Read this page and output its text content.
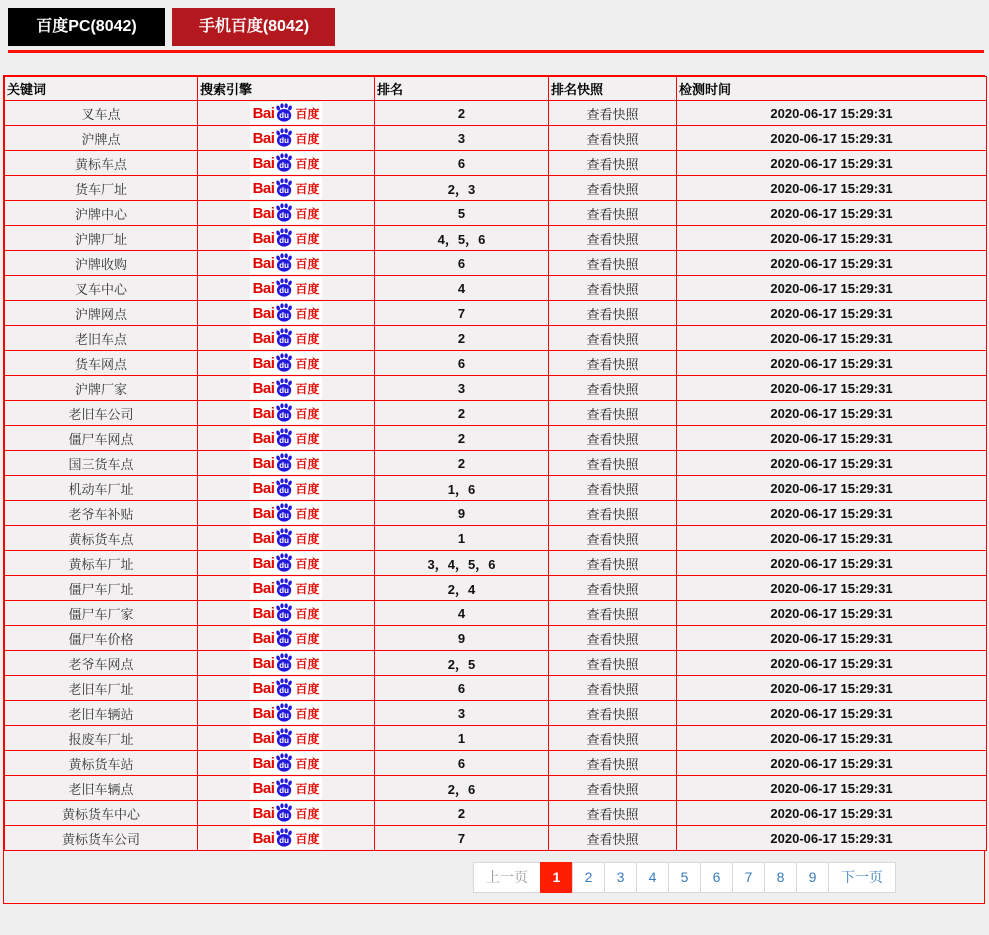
百度PC(8042)	手机百度(8042)
关键词	搜索引擎	排名	排名快照	检测时间
叉车点	Bai du 百度	2	查看快照	2020-06-17 15:29:31
沪牌点	Bai du 百度	3	查看快照	2020-06-17 15:29:31
黄标车点	Bai du 百度	6	查看快照	2020-06-17 15:29:31
货车厂址	Bai du 百度	2，3	查看快照	2020-06-17 15:29:31
沪牌中心	Bai du 百度	5	查看快照	2020-06-17 15:29:31
沪牌厂址	Bai du 百度	4，5，6	查看快照	2020-06-17 15:29:31
沪牌收购	Bai du 百度	6	查看快照	2020-06-17 15:29:31
叉车中心	Bai du 百度	4	查看快照	2020-06-17 15:29:31
沪牌网点	Bai du 百度	7	查看快照	2020-06-17 15:29:31
老旧车点	Bai du 百度	2	查看快照	2020-06-17 15:29:31
货车网点	Bai du 百度	6	查看快照	2020-06-17 15:29:31
沪牌厂家	Bai du 百度	3	查看快照	2020-06-17 15:29:31
老旧车公司	Bai du 百度	2	查看快照	2020-06-17 15:29:31
僵尸车网点	Bai du 百度	2	查看快照	2020-06-17 15:29:31
国三货车点	Bai du 百度	2	查看快照	2020-06-17 15:29:31
机动车厂址	Bai du 百度	1，6	查看快照	2020-06-17 15:29:31
老爷车补贴	Bai du 百度	9	查看快照	2020-06-17 15:29:31
黄标货车点	Bai du 百度	1	查看快照	2020-06-17 15:29:31
黄标车厂址	Bai du 百度	3，4，5，6	查看快照	2020-06-17 15:29:31
僵尸车厂址	Bai du 百度	2，4	查看快照	2020-06-17 15:29:31
僵尸车厂家	Bai du 百度	4	查看快照	2020-06-17 15:29:31
僵尸车价格	Bai du 百度	9	查看快照	2020-06-17 15:29:31
老爷车网点	Bai du 百度	2，5	查看快照	2020-06-17 15:29:31
老旧车厂址	Bai du 百度	6	查看快照	2020-06-17 15:29:31
老旧车辆站	Bai du 百度	3	查看快照	2020-06-17 15:29:31
报废车厂址	Bai du 百度	1	查看快照	2020-06-17 15:29:31
黄标货车站	Bai du 百度	6	查看快照	2020-06-17 15:29:31
老旧车辆点	Bai du 百度	2，6	查看快照	2020-06-17 15:29:31
黄标货车中心	Bai du 百度	2	查看快照	2020-06-17 15:29:31
黄标货车公司	Bai du 百度	7	查看快照	2020-06-17 15:29:31
上一页	1 2 3 4 5 6 7 8 9	下一页
